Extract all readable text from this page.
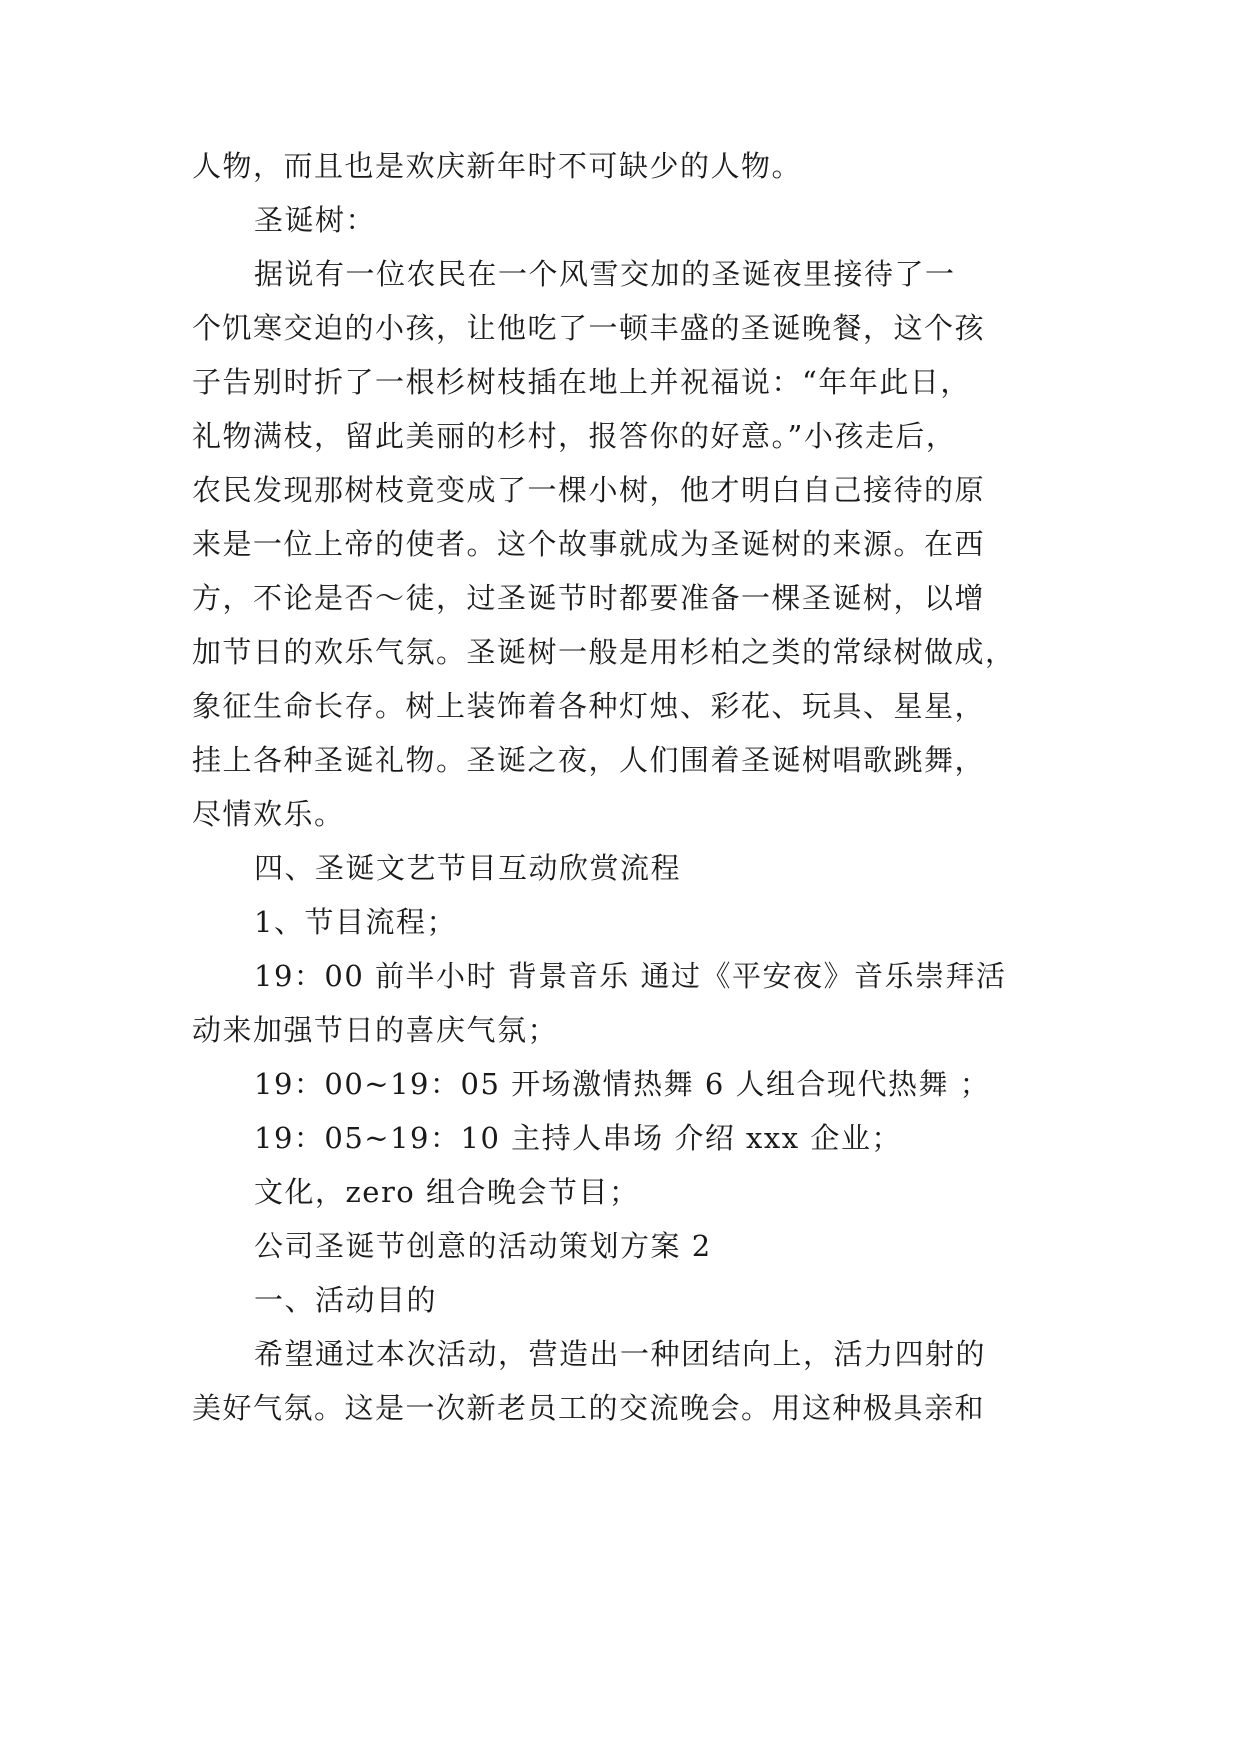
人物，而且也是欢庆新年时不可缺少的人物。
圣诞树：
据说有一位农民在一个风雪交加的圣诞夜里接待了一
个饥寒交迫的小孩，让他吃了一顿丰盛的圣诞晚餐，这个孩
子告别时折了一根杉树枝插在地上并祝福说：“年年此日，
礼物满枝，留此美丽的杉村，报答你的好意。”小孩走后，
农民发现那树枝竟变成了一棵小树，他才明白自己接待的原
来是一位上帝的使者。这个故事就成为圣诞树的来源。在西
方，不论是否～徒，过圣诞节时都要准备一棵圣诞树，以增
加节日的欢乐气氛。圣诞树一般是用杉柏之类的常绿树做成，
象征生命长存。树上装饰着各种灯烛、彩花、玩具、星星，
挂上各种圣诞礼物。圣诞之夜，人们围着圣诞树唱歌跳舞，
尽情欢乐。
四、圣诞文艺节目互动欣赏流程
1、节目流程；
19：00 前半小时 背景音乐 通过《平安夜》音乐崇拜活
动来加强节日的喜庆气氛；
19：00~19：05 开场激情热舞 6 人组合现代热舞 ；
19：05~19：10 主持人串场 介绍 xxx 企业；
文化，zero 组合晚会节目；
公司圣诞节创意的活动策划方案 2
一、活动目的
希望通过本次活动，营造出一种团结向上，活力四射的
美好气氛。这是一次新老员工的交流晚会。用这种极具亲和
